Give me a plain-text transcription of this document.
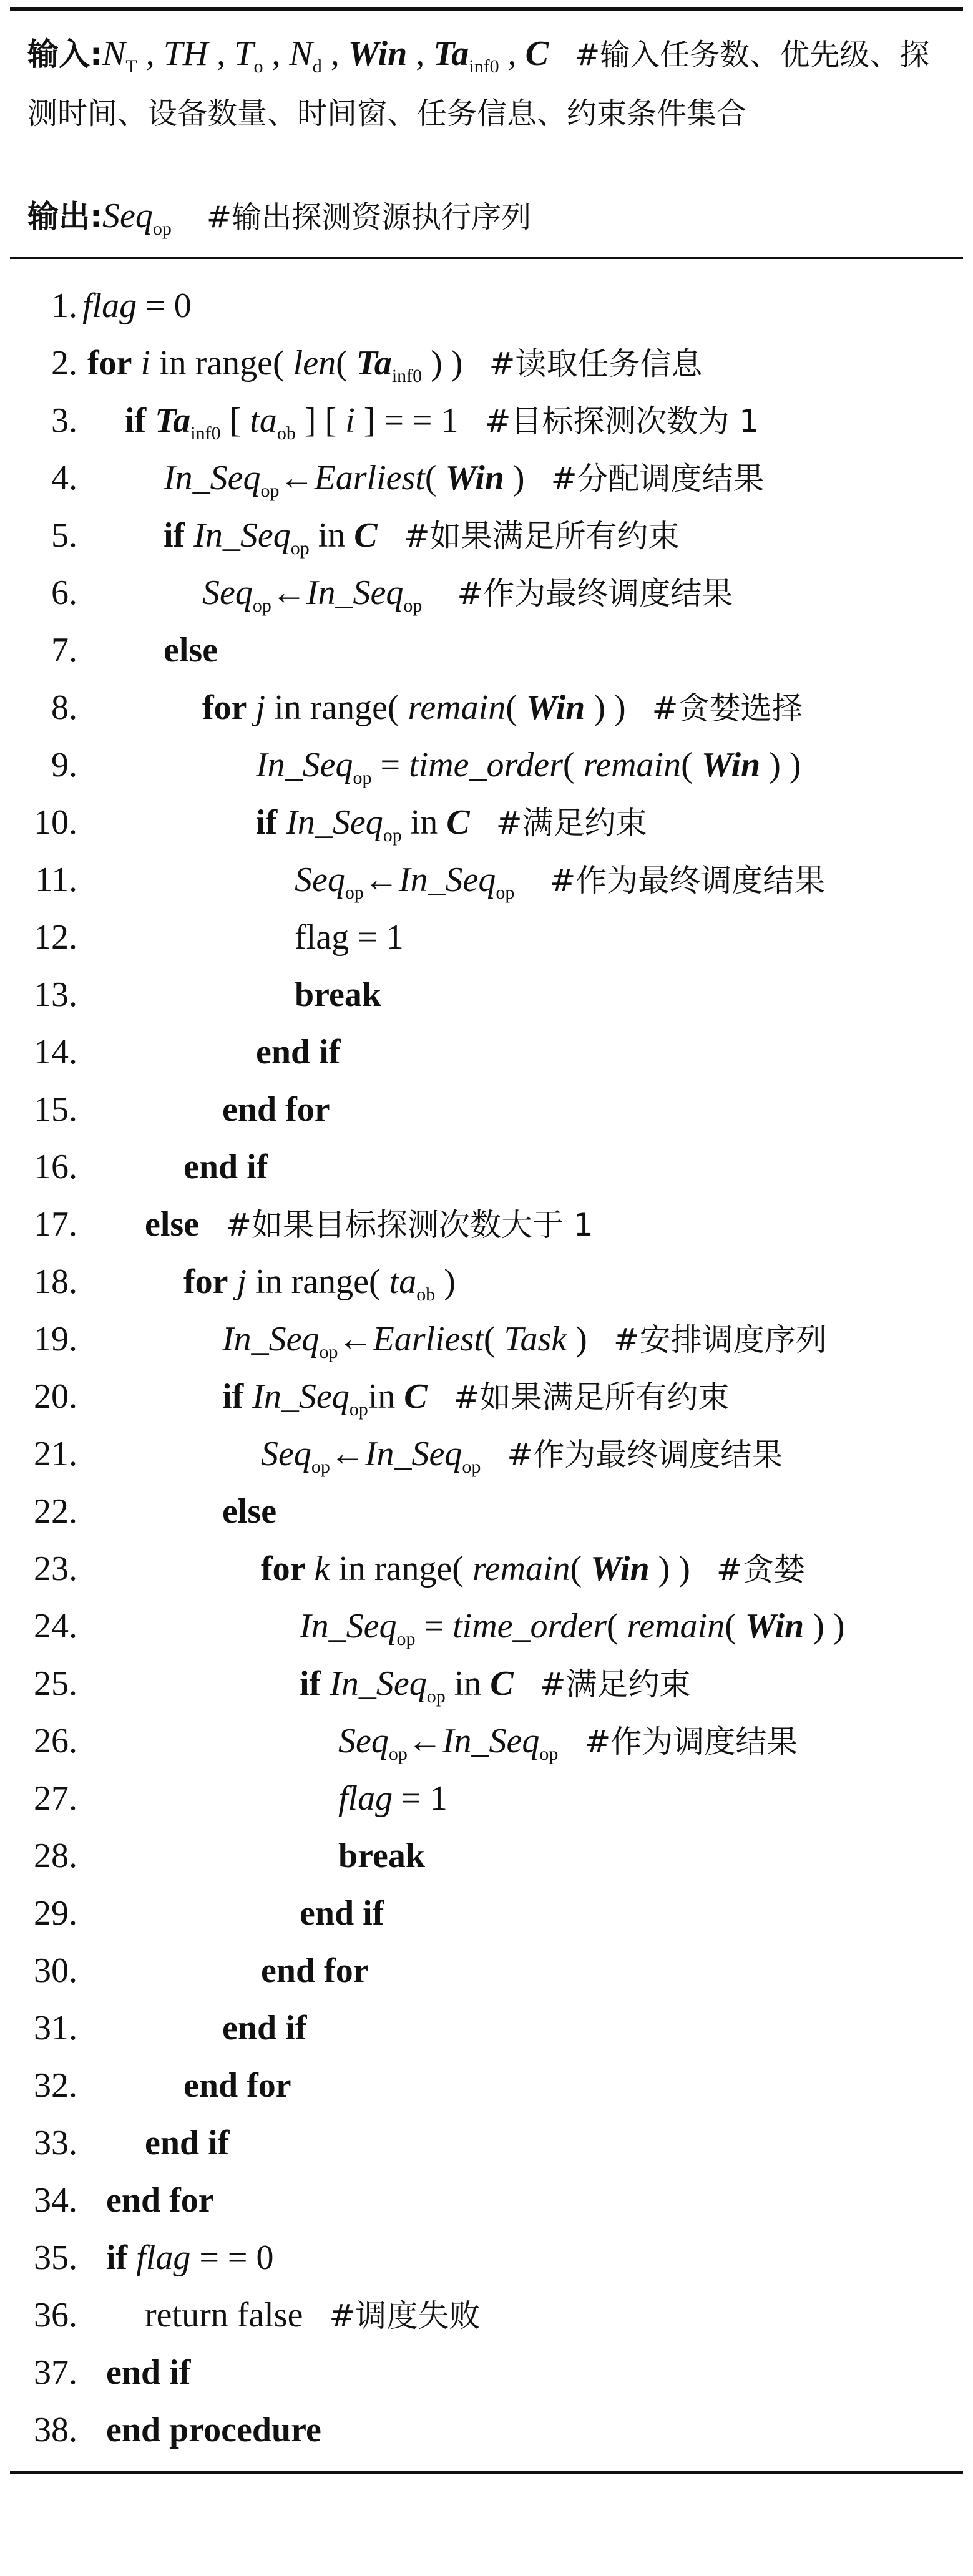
输入$:N_T$ , TH , $T_o$ , $N_d$ , Win , $Ta_{inf0}$ , C #输入任务数、优先级、探测时间、设备数量、时间窗、任务信息、约束条件集合
输出:Seq$_{op}$ #输出探测资源执行序列
1. flag = 0
2. for i in range( len( $Ta_{inf0}$ ) )   #读取任务信息
3. if $Ta_{inf0}$ [ $ta_{ob}$ ] [ i ] = = 1   #目标探测次数为 1
4. In_Seq$_{op}$←Earliest( Win )   #分配调度结果
5. if In_Seq$_{op}$ in C #如果满足所有约束
6.	Seq$_{op}$←In_Seq$_{op}$ #作为最终调度结果
7. else
8.	for j in range( remain( Win ) )   #贪婪选择
9.	In_Seq$_{op}$ = time_order( remain( Win ) )
10.	if In_Seq$_{op}$ in C #满足约束
11.	Seq$_{op}$←In_Seq$_{op}$ #作为最终调度结果
12.	flag = 1
13.	break
14.	end if
15.	end for
16.	end if
17. else #如果目标探测次数大于 1
18.	for j in range( $ta_{ob}$ )
19.	In_Seq$_{op}$←Earliest( Task )   #安排调度序列
20.	if In_Seq$_{op}$in C #如果满足所有约束
21.	Seq$_{op}$←In_Seq$_{op}$ #作为最终调度结果
22.	else
23.	for k in range( remain( Win ) )   #贪婪
24.	In_Seq$_{op}$ = time_order( remain( Win ) )
25.	if In_Seq$_{op}$ in C #满足约束
26.	Seq$_{op}$←In_Seq$_{op}$ #作为调度结果
27.	flag = 1
28.	break
29.	end if
30.	end for
31.	end if
32.	end for
33. end if
34. end for
35. if flag = = 0
36. return false   #调度失败
37. end if
38. end procedure
